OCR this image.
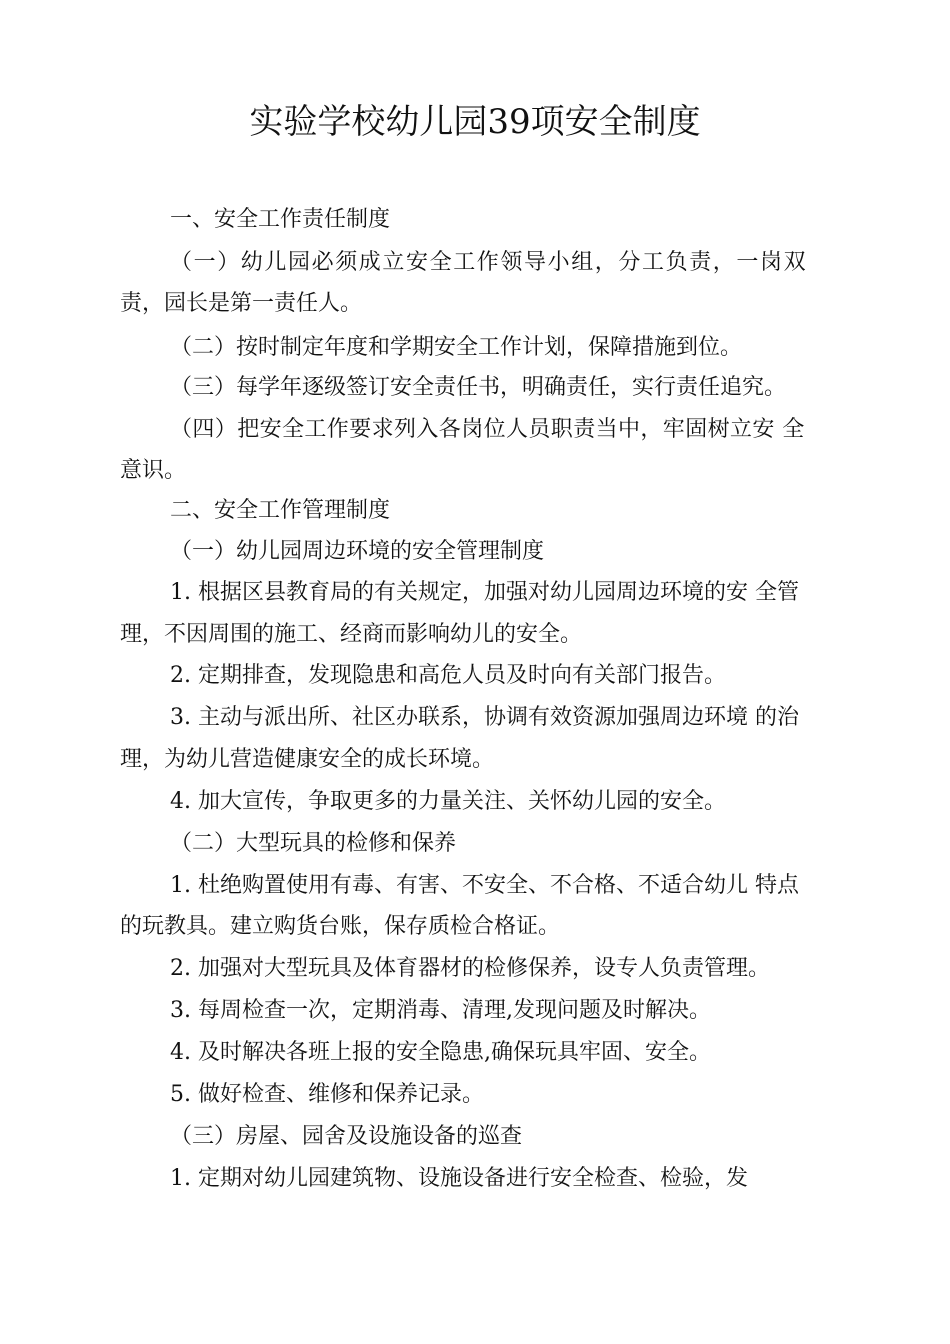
实验学校幼儿园39项安全制度
一、安全工作责任制度
（一）幼儿园必须成立安全工作领导小组，分工负责，一岗双
责，园长是第一责任人。
（二）按时制定年度和学期安全工作计划，保障措施到位。
（三）每学年逐级签订安全责任书，明确责任，实行责任追究。
（四）把安全工作要求列入各岗位人员职责当中，牢固树立安 全
意识。
二、安全工作管理制度
（一）幼儿园周边环境的安全管理制度
1. 根据区县教育局的有关规定，加强对幼儿园周边环境的安 全管
理，不因周围的施工、经商而影响幼儿的安全。
2. 定期排查，发现隐患和高危人员及时向有关部门报告。
3. 主动与派出所、社区办联系，协调有效资源加强周边环境 的治
理，为幼儿营造健康安全的成长环境。
4. 加大宣传，争取更多的力量关注、关怀幼儿园的安全。
（二）大型玩具的检修和保养
1. 杜绝购置使用有毒、有害、不安全、不合格、不适合幼儿 特点
的玩教具。建立购货台账，保存质检合格证。
2. 加强对大型玩具及体育器材的检修保养，设专人负责管理。
3. 每周检查一次，定期消毒、清理,发现问题及时解决。
4. 及时解决各班上报的安全隐患,确保玩具牢固、安全。
5. 做好检查、维修和保养记录。
（三）房屋、园舍及设施设备的巡查
1. 定期对幼儿园建筑物、设施设备进行安全检查、检验，发
